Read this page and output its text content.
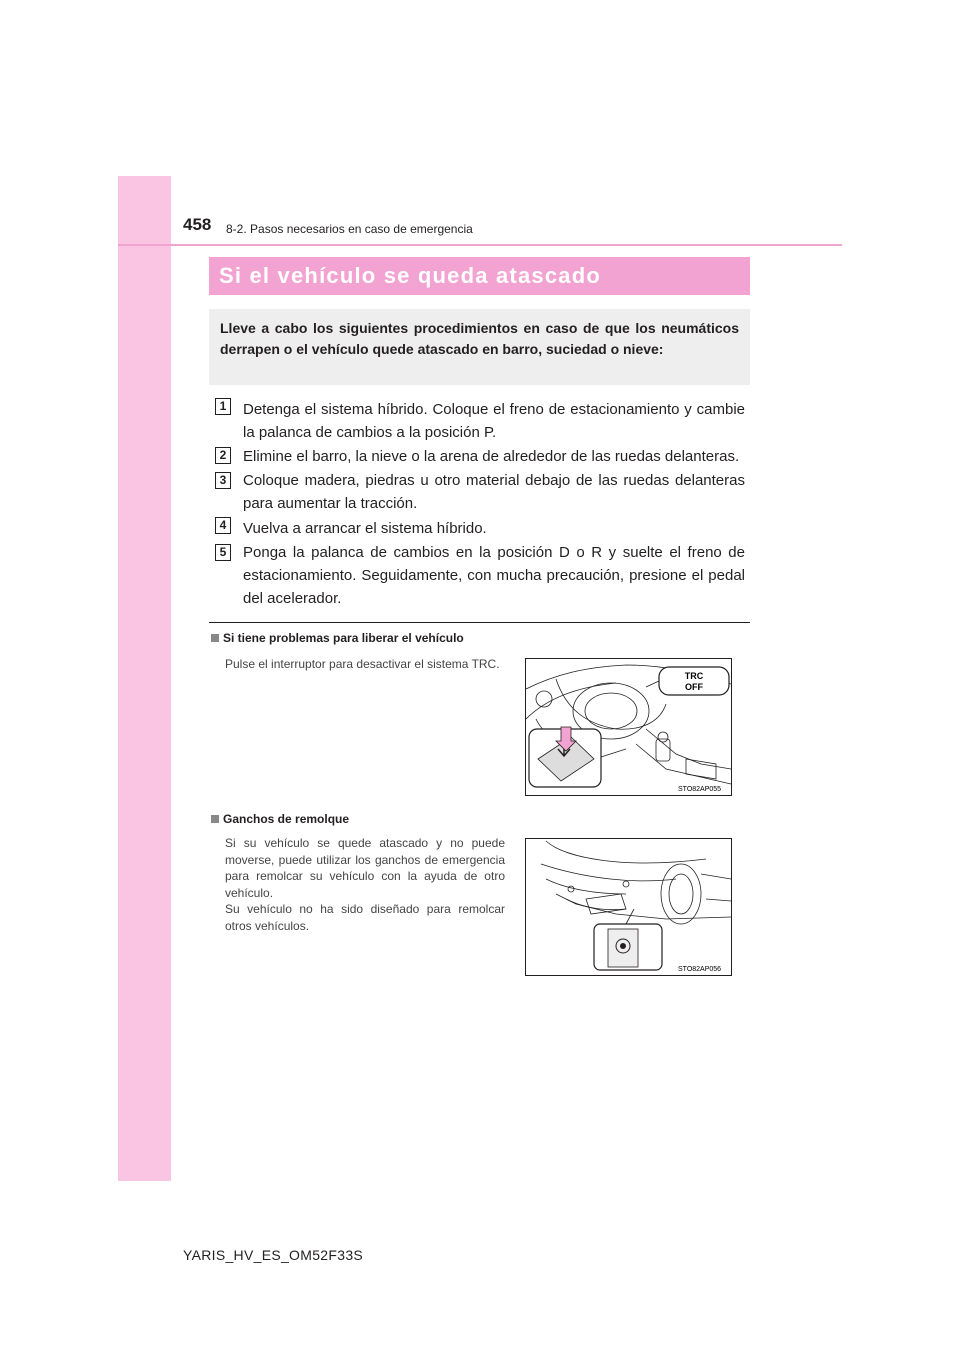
458 8-2. Pasos necesarios en caso de emergencia
Si el vehículo se queda atascado
Lleve a cabo los siguientes procedimientos en caso de que los neumáticos derrapen o el vehículo quede atascado en barro, suciedad o nieve:
1	Detenga el sistema híbrido. Coloque el freno de estacionamiento y cambie la palanca de cambios a la posición P.
2	Elimine el barro, la nieve o la arena de alrededor de las ruedas delanteras.
3	Coloque madera, piedras u otro material debajo de las ruedas delanteras para aumentar la tracción.
4	Vuelva a arrancar el sistema híbrido.
5	Ponga la palanca de cambios en la posición D o R y suelte el freno de estacionamiento. Seguidamente, con mucha precaución, presione el pedal del acelerador.
Si tiene problemas para liberar el vehículo
Pulse el interruptor para desactivar el sistema TRC.
TRC
OFF
STO82AP055
Ganchos de remolque
Si su vehículo se quede atascado y no puede moverse, puede utilizar los ganchos de emergencia para remolcar su vehículo con la ayuda de otro vehículo.
Su vehículo no ha sido diseñado para remolcar otros vehículos.
STO82AP056
YARIS_HV_ES_OM52F33S
